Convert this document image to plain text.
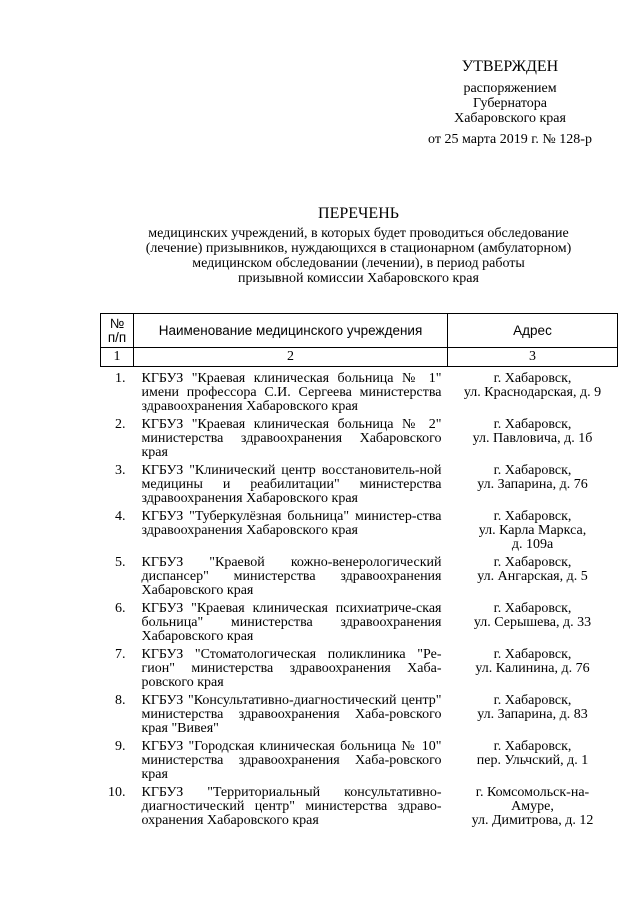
УТВЕРЖДЕН
распоряжением
Губернатора
Хабаровского края
от 25 марта 2019 г. № 128-р
ПЕРЕЧЕНЬ
медицинских учреждений, в которых будет проводиться обследование
(лечение) призывников, нуждающихся в стационарном (амбулаторном)
медицинском обследовании (лечении), в период работы
призывной комиссии Хабаровского края
№
п/п	Наименование медицинского учреждения	Адрес
1	2	3
1.	КГБУЗ "Краевая клиническая больница № 1" имени профессора С.И. Сергеева министерства здравоохранения Хабаровского края	г. Хабаровск,
ул. Краснодарская, д. 9

2.	КГБУЗ "Краевая клиническая больница № 2" министерства здравоохранения Хабаровского края	г. Хабаровск,
ул. Павловича, д. 1б

3.	КГБУЗ "Клинический центр восстановитель-ной медицины и реабилитации" министерства здравоохранения Хабаровского края	г. Хабаровск,
ул. Запарина, д. 76

4.	КГБУЗ "Туберкулёзная больница" министер-ства здравоохранения Хабаровского края	г. Хабаровск,
ул. Карла Маркса,
д. 109а

5.	КГБУЗ "Краевой кожно-венерологический диспансер" министерства здравоохранения Хабаровского края	г. Хабаровск,
ул. Ангарская, д. 5

6.	КГБУЗ "Краевая клиническая психиатриче-ская больница" министерства здравоохранения Хабаровского края	г. Хабаровск,
ул. Серышева, д. 33

7.	КГБУЗ "Стоматологическая поликлиника "Ре-гион" министерства здравоохранения Хаба-ровского края	г. Хабаровск,
ул. Калинина, д. 76

8.	КГБУЗ "Консультативно-диагностический центр" министерства здравоохранения Хаба-ровского края "Вивея"	г. Хабаровск,
ул. Запарина, д. 83

9.	КГБУЗ "Городская клиническая больница № 10" министерства здравоохранения Хаба-ровского края	г. Хабаровск,
пер. Ульчский, д. 1

10.	КГБУЗ "Территориальный консультативно-диагностический центр" министерства здраво-охранения Хабаровского края	г. Комсомольск-на-
Амуре,
ул. Димитрова, д. 12
